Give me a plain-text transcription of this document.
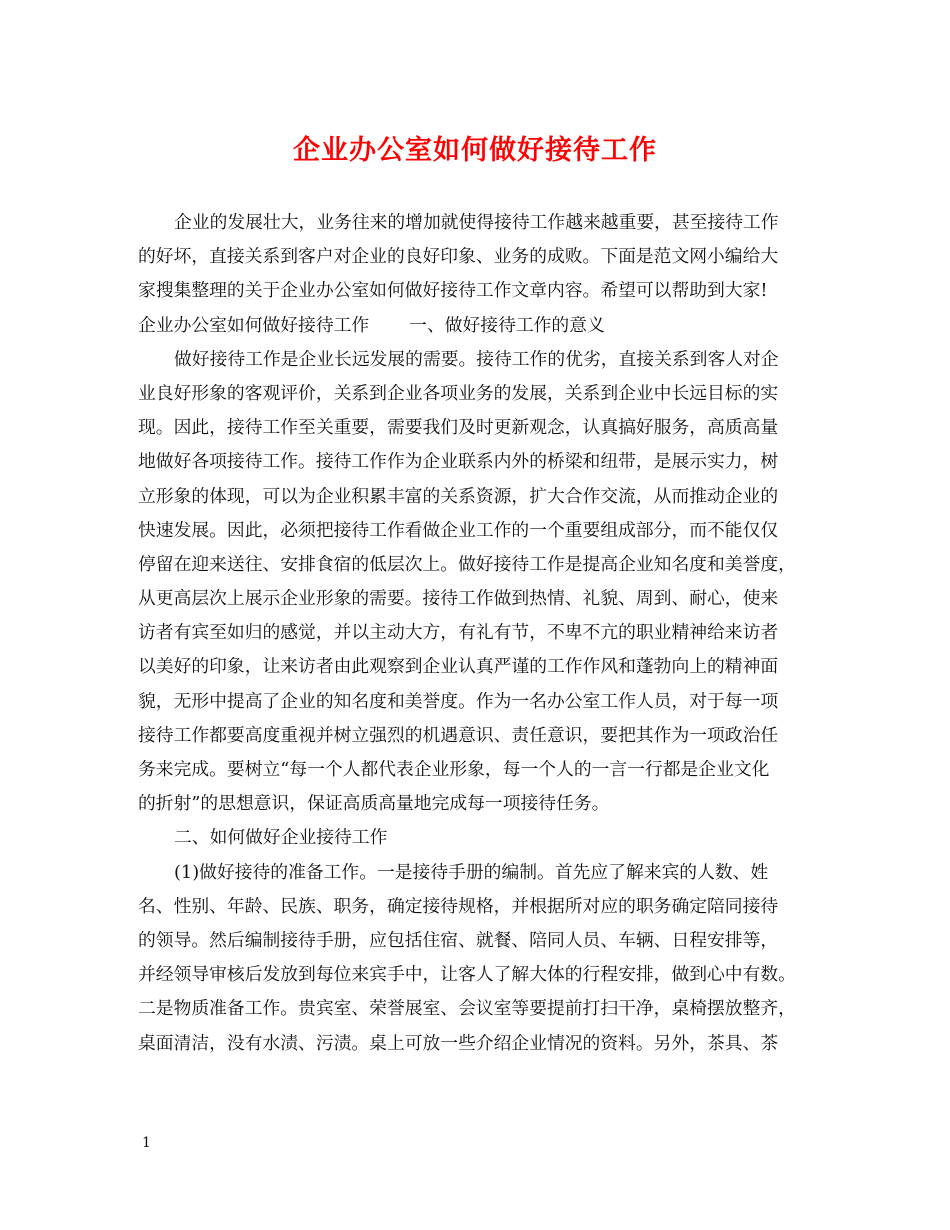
企业办公室如何做好接待工作
企业的发展壮大，业务往来的增加就使得接待工作越来越重要，甚至接待工作
的好坏，直接关系到客户对企业的良好印象、业务的成败。下面是范文网小编给大
家搜集整理的关于企业办公室如何做好接待工作文章内容。希望可以帮助到大家!
企业办公室如何做好接待工作 一、做好接待工作的意义
做好接待工作是企业长远发展的需要。接待工作的优劣，直接关系到客人对企
业良好形象的客观评价，关系到企业各项业务的发展，关系到企业中长远目标的实
现。因此，接待工作至关重要，需要我们及时更新观念，认真搞好服务，高质高量
地做好各项接待工作。接待工作作为企业联系内外的桥梁和纽带，是展示实力，树
立形象的体现，可以为企业积累丰富的关系资源，扩大合作交流，从而推动企业的
快速发展。因此，必须把接待工作看做企业工作的一个重要组成部分，而不能仅仅
停留在迎来送往、安排食宿的低层次上。做好接待工作是提高企业知名度和美誉度，
从更高层次上展示企业形象的需要。接待工作做到热情、礼貌、周到、耐心，使来
访者有宾至如归的感觉，并以主动大方，有礼有节，不卑不亢的职业精神给来访者
以美好的印象，让来访者由此观察到企业认真严谨的工作作风和蓬勃向上的精神面
貌，无形中提高了企业的知名度和美誉度。作为一名办公室工作人员，对于每一项
接待工作都要高度重视并树立强烈的机遇意识、责任意识，要把其作为一项政治任
务来完成。要树立“每一个人都代表企业形象，每一个人的一言一行都是企业文化
的折射”的思想意识，保证高质高量地完成每一项接待任务。
二、如何做好企业接待工作
(1)做好接待的准备工作。一是接待手册的编制。首先应了解来宾的人数、姓
名、性别、年龄、民族、职务，确定接待规格，并根据所对应的职务确定陪同接待
的领导。然后编制接待手册，应包括住宿、就餐、陪同人员、车辆、日程安排等，
并经领导审核后发放到每位来宾手中，让客人了解大体的行程安排，做到心中有数。
二是物质准备工作。贵宾室、荣誉展室、会议室等要提前打扫干净，桌椅摆放整齐，
桌面清洁，没有水渍、污渍。桌上可放一些介绍企业情况的资料。另外，茶具、茶
1
